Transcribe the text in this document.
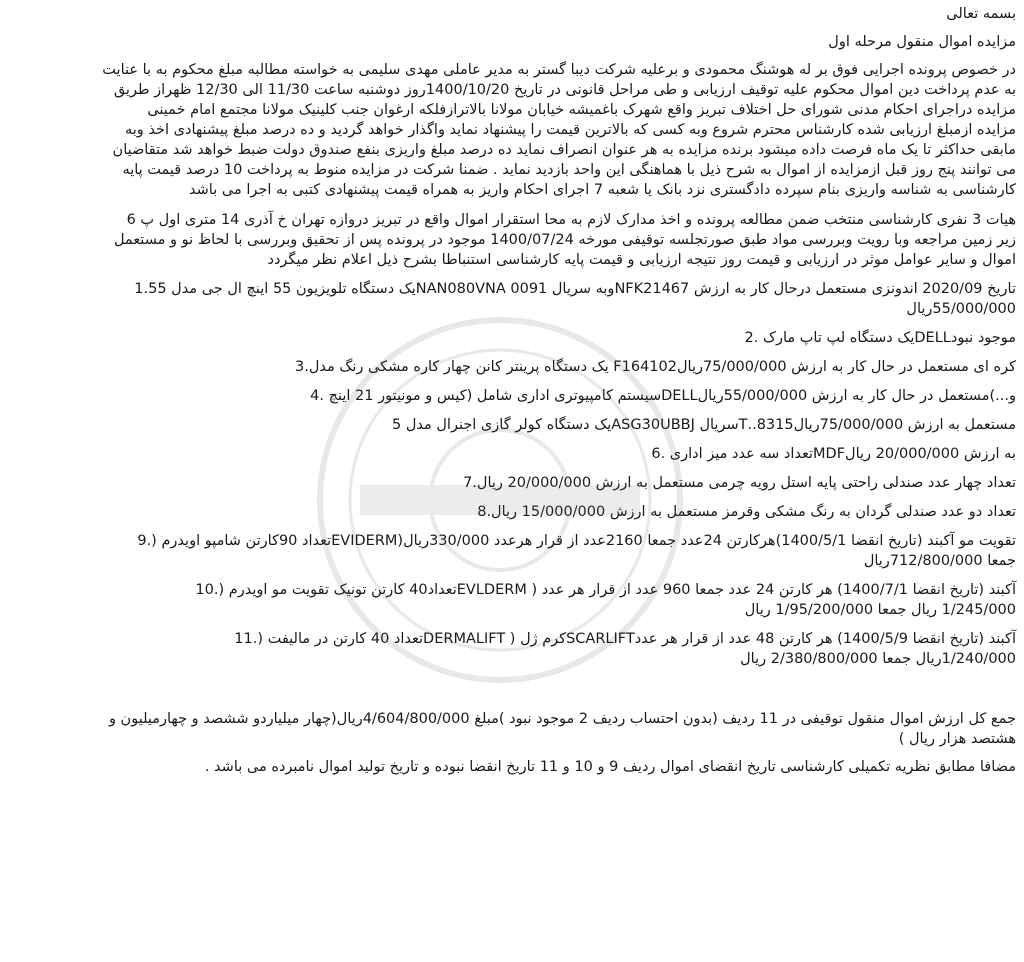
بسمه تعالی

مزایده اموال منقول مرحله اول

در خصوص پرونده اجرایی فوق بر له هوشنگ محمودی و برعلیه شرکت دیبا گستر به مدیر عاملی مهدی سلیمی به خواسته مطالبه مبلغ محکوم به با عنایت
به عدم پرداخت دین اموال محکوم علیه توقیف ارزیابی و طی مراحل قانونی در تاریخ 1400/10/20روز دوشنبه ساعت 11/30 الی 12/30 ظهراز طریق
مزایده دراجرای احکام مدنی شورای حل اختلاف تبریز واقع شهرک باغمیشه خیابان مولانا بالاترازفلکه ارغوان جنب کلینیک مولانا مجتمع امام خمینی
مزایده ازمبلغ ارزیابی شده کارشناس محترم شروع وبه کسی که بالاترین قیمت را پیشنهاد نماید واگذار خواهد گردید و ده درصد مبلغ پیشنهادی اخذ وبه
مابقی حداکثر تا یک ماه فرصت داده میشود برنده مزایده به هر عنوان انصراف نماید ده درصد مبلغ واریزی بنفع صندوق دولت ضبط خواهد شد متقاضیان
می توانند پنج روز قبل ازمزایده از اموال به شرح ذیل با هماهنگی این واحد بازدید نماید . ضمنا شرکت در مزایده منوط به پرداخت 10 درصد قیمت پایه
کارشناسی به شناسه واریزی بنام سپرده دادگستری نزد بانک یا شعبه 7 اجرای احکام واریز به همراه قیمت پیشنهادی کتبی به اجرا می باشد
هیات 3 نفری کارشناسی منتخب ضمن مطالعه پرونده و اخذ مدارک لازم به محا استقرار اموال واقع در تبریز دروازه تهران خ آذری 14 متری اول پ 6
زیر زمین مراجعه وبا رویت وبررسی مواد طبق صورتجلسه توقیفی مورخه 1400/07/24 موجود در پرونده پس از تحقیق وبررسی با لحاظ نو و مستعمل
اموال و سایر عوامل موثر در ارزیابی و قیمت روز نتیجه ارزیابی و قیمت پایه کارشناسی استنباطا بشرح ذیل اعلام نظر میگردد
تاریخ 2020/09 اندونزی مستعمل درحال کار به ارزش NFK21467وبه سریال NAN080VNA 0091یک دستگاه تلویزیون 55 اینچ ال جی مدل 1.55
55/000/000ریال
موجود نبودDELLیک دستگاه لپ تاپ مارک .2
کره ای مستعمل در حال کار به ارزش 75/000/000ریالF164102 یک دستگاه پرینتر کانن چهار کاره مشکی رنگ مدل.3
و...)مستعمل در حال کار به ارزش 55/000/000ریالDELLسیستم کامپیوتری اداری شامل (کیس و مونیتور 21 اینچ .4
مستعمل به ارزش 75/000/000ریال8315..Tسریال ASG30UBBJیک دستگاه کولر گازی اجنرال مدل 5
به ارزش 20/000/000 ریالMDFتعداد سه عدد میز اداری .6
تعداد چهار عدد صندلی راحتی پایه استل رویه چرمی مستعمل به ارزش 20/000/000 ریال.7
تعداد دو عدد صندلی گردان به رنگ مشکی وقرمز مستعمل به ارزش 15/000/000 ریال.8
تقویت مو آکبند (تاریخ انقضا 1400/5/1)هرکارتن 24عدد جمعا 2160عدد از قرار هرعدد 330/000ریال(EVIDERMتعداد 90کارتن شامپو اویدرم (.9
جمعا 712/800/000ریال
آکبند (تاریخ انقضا 1400/7/1) هر کارتن 24 عدد جمعا 960 عدد از قرار هر عدد ( EVLDERMتعداد40 کارتن تونیک تقویت مو اویدرم (.10
1/245/000 ریال جمعا 1/95/200/000 ریال
آکبند (تاریخ انقضا 1400/5/9) هر کارتن 48 عدد از قرار هر عددSCARLIFTکرم ژل ( DERMALIFTتعداد 40 کارتن در مالیفت (.11
1/240/000ریال جمعا 2/380/800/000 ریال
جمع کل ارزش اموال منقول توقیفی در 11 ردیف (بدون احتساب ردیف 2 موجود نبود )مبلغ 4/604/800/000ریال(چهار میلیاردو ششصد و چهارمیلیون و
هشتصد هزار ریال )
مضافا مطابق نظریه تکمیلی کارشناسی تاریخ انقضای اموال ردیف 9 و 10 و 11 تاریخ انقضا نبوده و تاریخ تولید اموال نامبرده می باشد .
